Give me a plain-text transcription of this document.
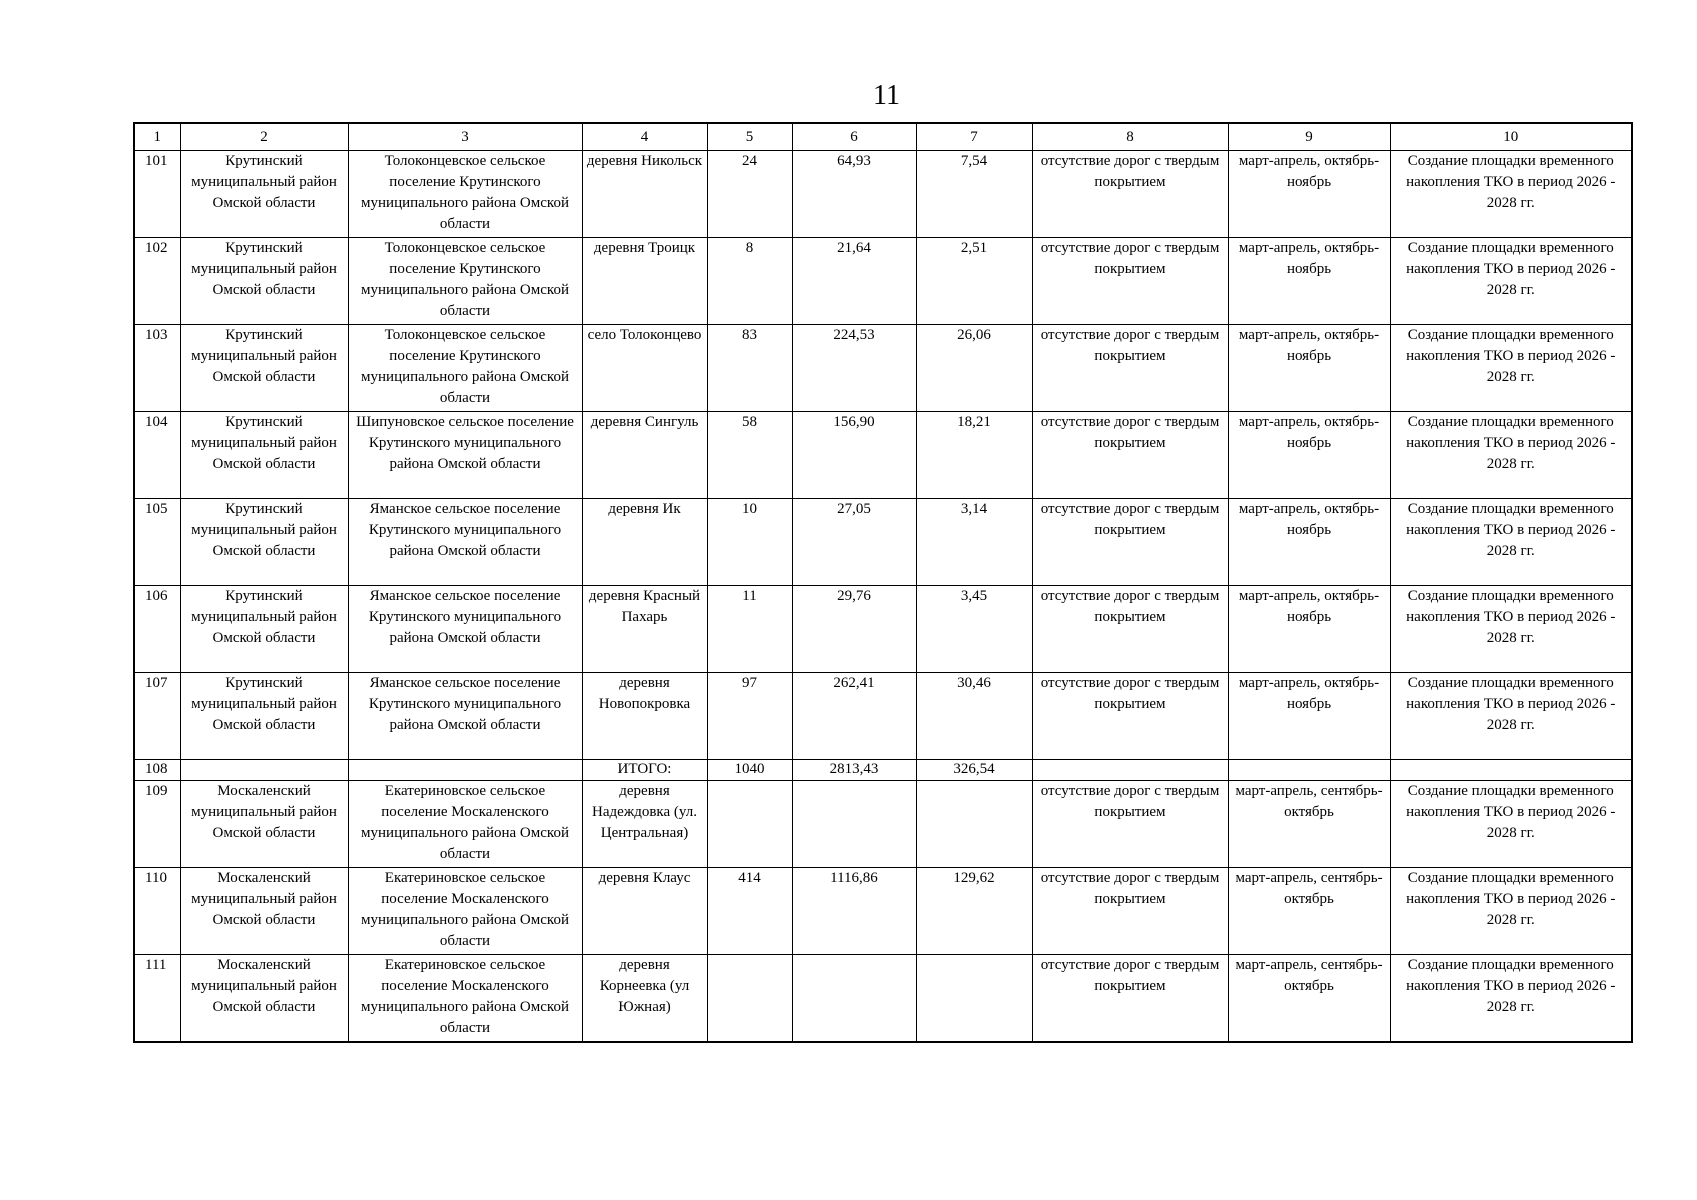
11
1	2	3	4	5	6	7	8	9	10
101	Крутинский муниципальный район Омской области	Толоконцевское сельское поселение Крутинского муниципального района Омской области	деревня Никольск	24	64,93	7,54	отсутствие дорог с твердым покрытием	март-апрель, октябрь-ноябрь	Создание площадки временного накопления ТКО в период 2026 - 2028 гг.
102	Крутинский муниципальный район Омской области	Толоконцевское сельское поселение Крутинского муниципального района Омской области	деревня Троицк	8	21,64	2,51	отсутствие дорог с твердым покрытием	март-апрель, октябрь-ноябрь	Создание площадки временного накопления ТКО в период 2026 - 2028 гг.
103	Крутинский муниципальный район Омской области	Толоконцевское сельское поселение Крутинского муниципального района Омской области	село Толоконцево	83	224,53	26,06	отсутствие дорог с твердым покрытием	март-апрель, октябрь-ноябрь	Создание площадки временного накопления ТКО в период 2026 - 2028 гг.
104	Крутинский муниципальный район Омской области	Шипуновское сельское поселение Крутинского муниципального района Омской области	деревня Сингуль	58	156,90	18,21	отсутствие дорог с твердым покрытием	март-апрель, октябрь-ноябрь	Создание площадки временного накопления ТКО в период 2026 - 2028 гг.
105	Крутинский муниципальный район Омской области	Яманское сельское поселение Крутинского муниципального района Омской области	деревня Ик	10	27,05	3,14	отсутствие дорог с твердым покрытием	март-апрель, октябрь-ноябрь	Создание площадки временного накопления ТКО в период 2026 - 2028 гг.
106	Крутинский муниципальный район Омской области	Яманское сельское поселение Крутинского муниципального района Омской области	деревня Красный Пахарь	11	29,76	3,45	отсутствие дорог с твердым покрытием	март-апрель, октябрь-ноябрь	Создание площадки временного накопления ТКО в период 2026 - 2028 гг.
107	Крутинский муниципальный район Омской области	Яманское сельское поселение Крутинского муниципального района Омской области	деревня Новопокровка	97	262,41	30,46	отсутствие дорог с твердым покрытием	март-апрель, октябрь-ноябрь	Создание площадки временного накопления ТКО в период 2026 - 2028 гг.
108			ИТОГО:	1040	2813,43	326,54			
109	Москаленский муниципальный район Омской области	Екатериновское сельское поселение Москаленского муниципального района Омской области	деревня Надеждовка (ул. Центральная)				отсутствие дорог с твердым покрытием	март-апрель, сентябрь-октябрь	Создание площадки временного накопления ТКО в период 2026 - 2028 гг.
110	Москаленский муниципальный район Омской области	Екатериновское сельское поселение Москаленского муниципального района Омской области	деревня Клаус	414	1116,86	129,62	отсутствие дорог с твердым покрытием	март-апрель, сентябрь-октябрь	Создание площадки временного накопления ТКО в период 2026 - 2028 гг.
111	Москаленский муниципальный район Омской области	Екатериновское сельское поселение Москаленского муниципального района Омской области	деревня Корнеевка (ул Южная)				отсутствие дорог с твердым покрытием	март-апрель, сентябрь-октябрь	Создание площадки временного накопления ТКО в период 2026 - 2028 гг.
